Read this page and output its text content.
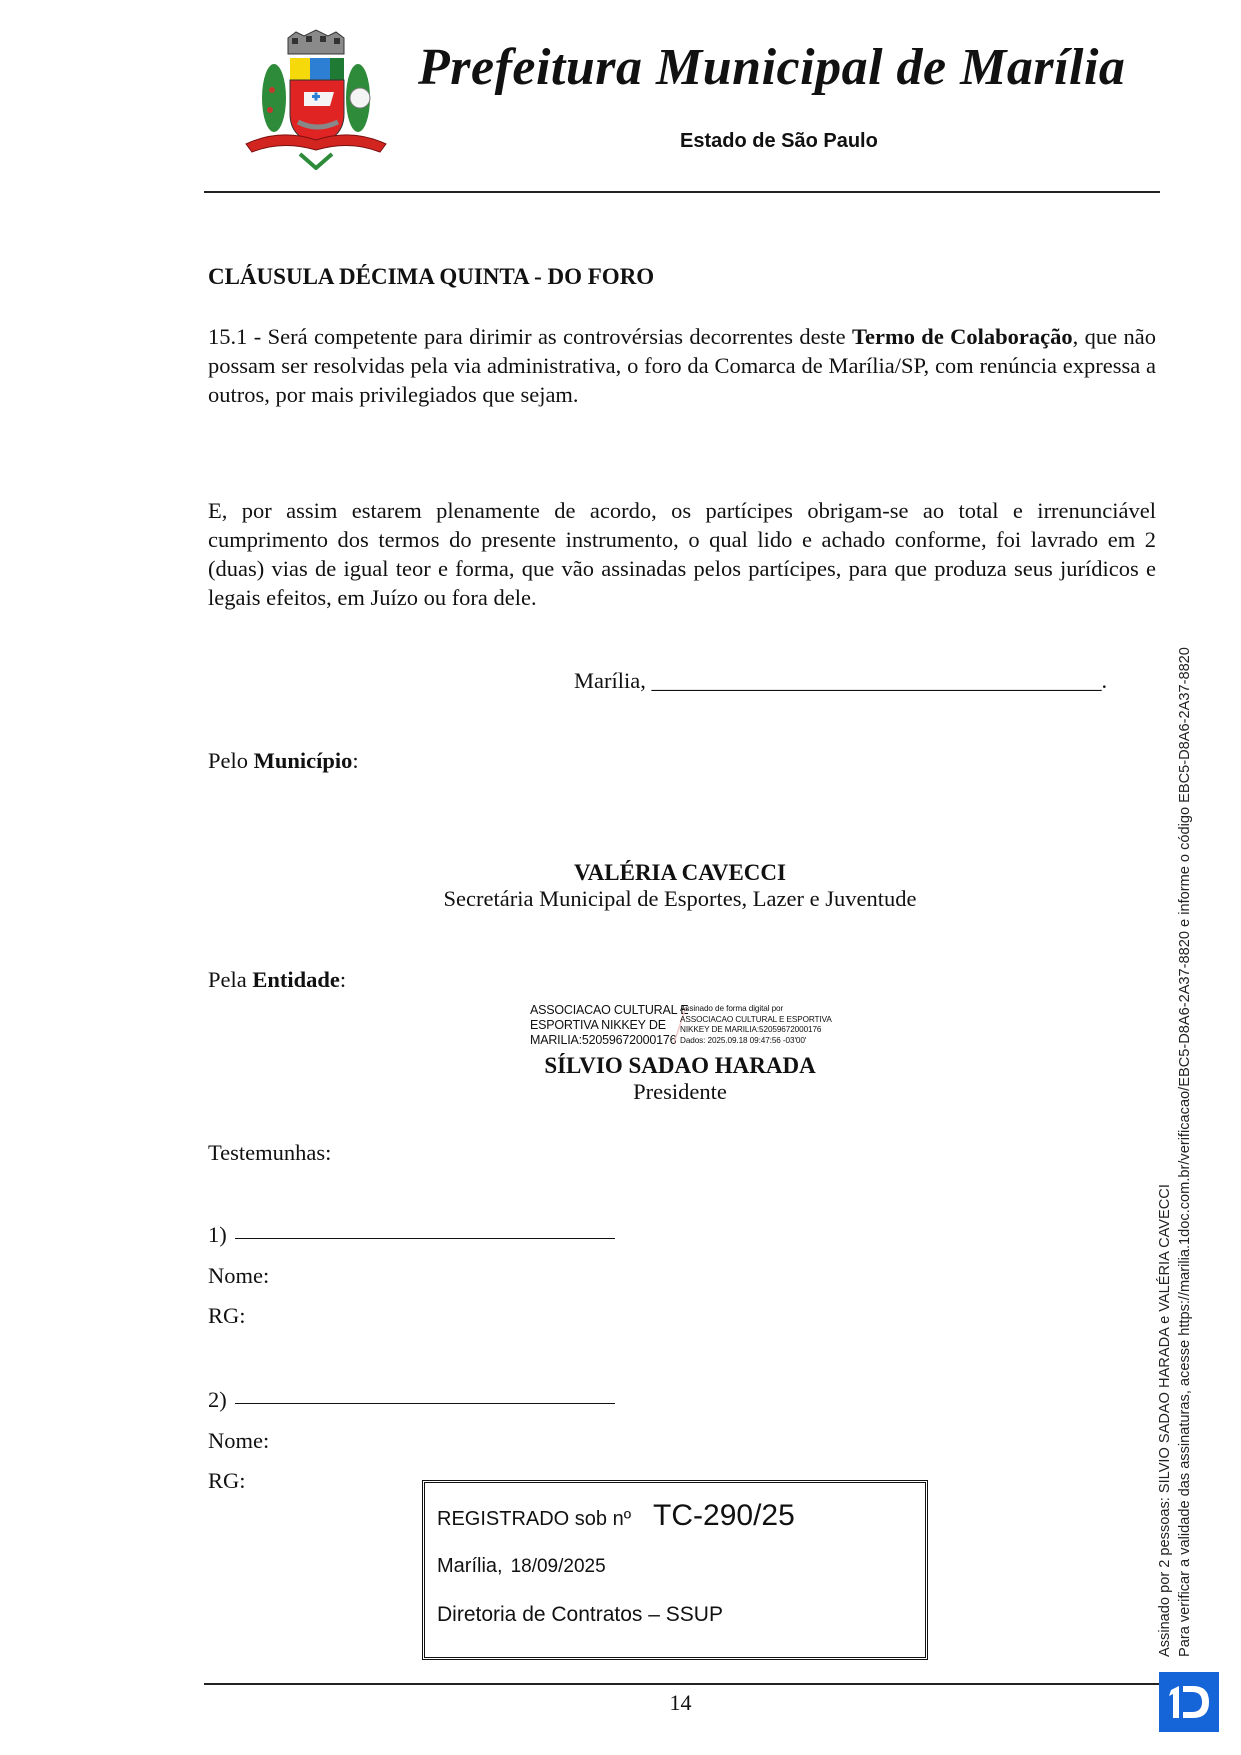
Prefeitura Municipal de Marília
Estado de São Paulo
CLÁUSULA DÉCIMA QUINTA - DO FORO
15.1 - Será competente para dirimir as controvérsias decorrentes deste Termo de Colaboração, que não possam ser resolvidas pela via administrativa, o foro da Comarca de Marília/SP, com renúncia expressa a outros, por mais privilegiados que sejam.
E, por assim estarem plenamente de acordo, os partícipes obrigam-se ao total e irrenunciável cumprimento dos termos do presente instrumento, o qual lido e achado conforme, foi lavrado em 2 (duas) vias de igual teor e forma, que vão assinadas pelos partícipes, para que produza seus jurídicos e legais efeitos, em Juízo ou fora dele.
Marília, ________________________________________.
Pelo Município:
VALÉRIA CAVECCI
Secretária Municipal de Esportes, Lazer e Juventude
Pela Entidade:
ASSOCIACAO CULTURAL E
ESPORTIVA NIKKEY DE
MARILIA:52059672000176
Assinado de forma digital por
ASSOCIACAO CULTURAL E ESPORTIVA
NIKKEY DE MARILIA:52059672000176
Dados: 2025.09.18 09:47:56 -03'00'
SÍLVIO SADAO HARADA
Presidente
Testemunhas:
1)
Nome:
RG:
2)
Nome:
RG:
REGISTRADO sob nº TC-290/25
Marília, 18/09/2025
Diretoria de Contratos – SSUP
14
Assinado por 2 pessoas: SILVIO SADAO HARADA e VALÉRIA CAVECCI Para verificar a validade das assinaturas, acesse https://marilia.1doc.com.br/verificacao/EBC5-D8A6-2A37-8820 e informe o código EBC5-D8A6-2A37-8820
